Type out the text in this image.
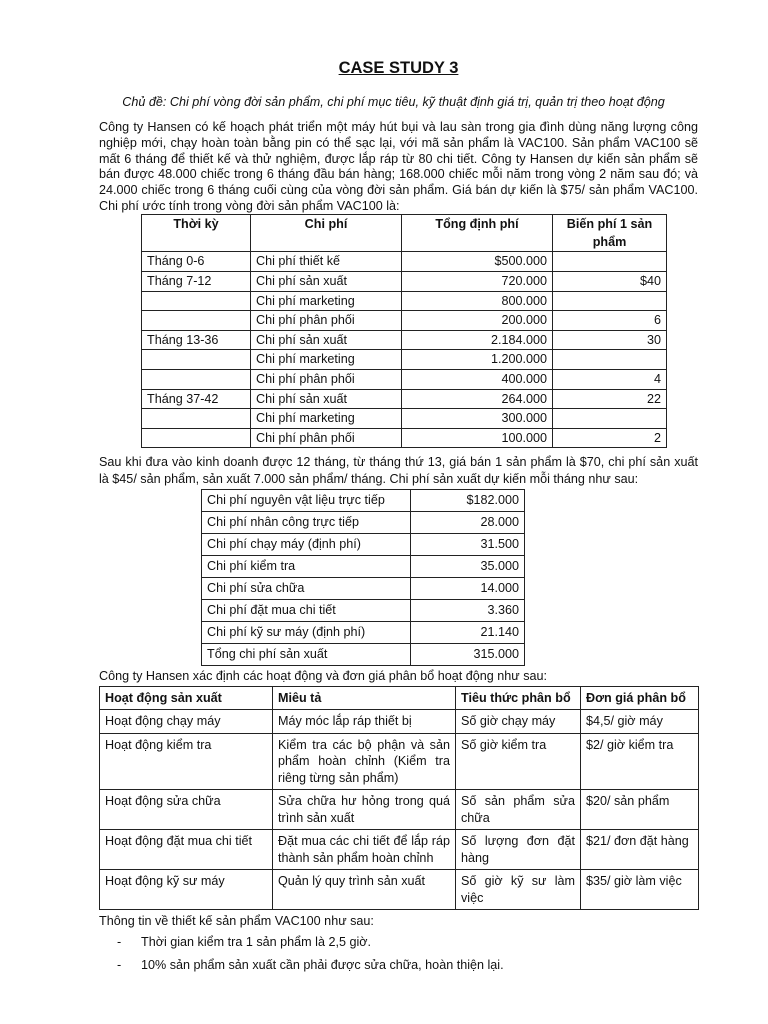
CASE STUDY 3
Chủ đề: Chi phí vòng đời sản phẩm, chi phí mục tiêu, kỹ thuật định giá trị, quản trị theo hoạt động

Công ty Hansen có kế hoạch phát triển một máy hút bụi và lau sàn trong gia đình dùng năng lượng công nghiệp mới, chạy hoàn toàn bằng pin có thể sạc lại, với mã sản phẩm là VAC100. Sản phẩm VAC100 sẽ mất 6 tháng để thiết kế và thử nghiệm, được lắp ráp từ 80 chi tiết. Công ty Hansen dự kiến sản phẩm sẽ bán được 48.000 chiếc trong 6 tháng đầu bán hàng; 168.000 chiếc mỗi năm trong vòng 2 năm sau đó; và 24.000 chiếc trong 6 tháng cuối cùng của vòng đời sản phẩm. Giá bán dự kiến là $75/ sản phẩm VAC100. Chi phí ước tính trong vòng đời sản phẩm VAC100 là:

Thời kỳ	Chi phí	Tổng định phí	Biến phí 1 sản phẩm
Tháng 0-6	Chi phí thiết kế	$500.000	
Tháng 7-12	Chi phí sản xuất	720.000	$40
	Chi phí marketing	800.000	
	Chi phí phân phối	200.000	6
Tháng 13-36	Chi phí sản xuất	2.184.000	30
	Chi phí marketing	1.200.000	
	Chi phí phân phối	400.000	4
Tháng 37-42	Chi phí sản xuất	264.000	22
	Chi phí marketing	300.000	
	Chi phí phân phối	100.000	2

Sau khi đưa vào kinh doanh được 12 tháng, từ tháng thứ 13, giá bán 1 sản phẩm là $70, chi phí sản xuất là $45/ sản phẩm, sản xuất 7.000 sản phẩm/ tháng. Chi phí sản xuất dự kiến mỗi tháng như sau:

Chi phí nguyên vật liệu trực tiếp	$182.000
Chi phí nhân công trực tiếp	28.000
Chi phí chạy máy (định phí)	31.500
Chi phí kiểm tra	35.000
Chi phí sửa chữa	14.000
Chi phí đặt mua chi tiết	3.360
Chi phí kỹ sư máy (định phí)	21.140
Tổng chi phí sản xuất	315.000

Công ty Hansen xác định các hoạt động và đơn giá phân bổ hoạt động như sau:

Hoạt động sản xuất	Miêu tả	Tiêu thức phân bổ	Đơn giá phân bổ
Hoạt động chạy máy	Máy móc lắp ráp thiết bị	Số giờ chạy máy	$4,5/ giờ máy
Hoạt động kiểm tra	Kiểm tra các bộ phận và sản phẩm hoàn chỉnh (Kiểm tra riêng từng sản phẩm)	Số giờ kiểm tra	$2/ giờ kiểm tra
Hoạt động sửa chữa	Sửa chữa hư hỏng trong quá trình sản xuất	Số sản phẩm sửa chữa	$20/ sản phẩm
Hoạt động đặt mua chi tiết	Đặt mua các chi tiết để lắp ráp thành sản phẩm hoàn chỉnh	Số lượng đơn đặt hàng	$21/ đơn đặt hàng
Hoạt động kỹ sư máy	Quản lý quy trình sản xuất	Số giờ kỹ sư làm việc	$35/ giờ làm việc

Thông tin về thiết kế sản phẩm VAC100 như sau:

- Thời gian kiểm tra 1 sản phẩm là 2,5 giờ.
- 10% sản phẩm sản xuất cần phải được sửa chữa, hoàn thiện lại.
